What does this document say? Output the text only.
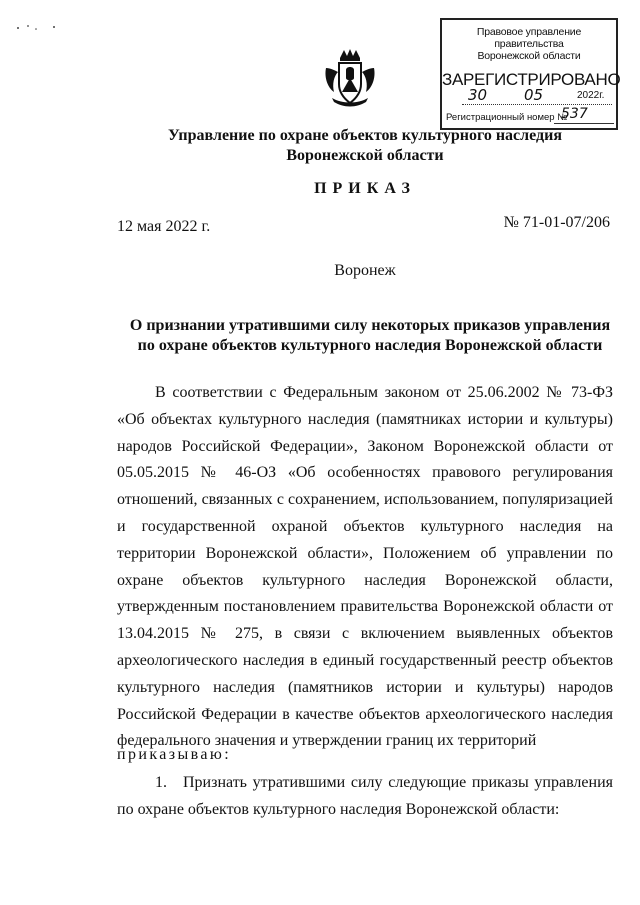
Правовое управление правительства
Воронежской области
ЗАРЕГИСТРИРОВАНО
30 05	2022г.
Регистрационный номер №
537
Управление по охране объектов культурного наследия
Воронежской области
ПРИКАЗ
12 мая 2022 г.	№ 71-01-07/206
Воронеж
О признании утратившими силу некоторых приказов управления
по охране объектов культурного наследия Воронежской области
В соответствии с Федеральным законом от 25.06.2002 № 73-ФЗ «Об объектах культурного наследия (памятниках истории и культуры) народов Российской Федерации», Законом Воронежской области от 05.05.2015 № 46-ОЗ «Об особенностях правового регулирования отношений, связанных с сохранением, использованием, популяризацией и государственной охраной объектов культурного наследия на территории Воронежской области», Положением об управлении по охране объектов культурного наследия Воронежской области, утвержденным постановлением правительства Воронежской области от 13.04.2015 № 275, в связи с включением выявленных объектов археологического наследия в единый государственный реестр объектов культурного наследия (памятников истории и культуры) народов Российской Федерации в качестве объектов археологического наследия федерального значения и утверждении границ их территорий
приказываю:
1. Признать утратившими силу следующие приказы управления по охране объектов культурного наследия Воронежской области:
